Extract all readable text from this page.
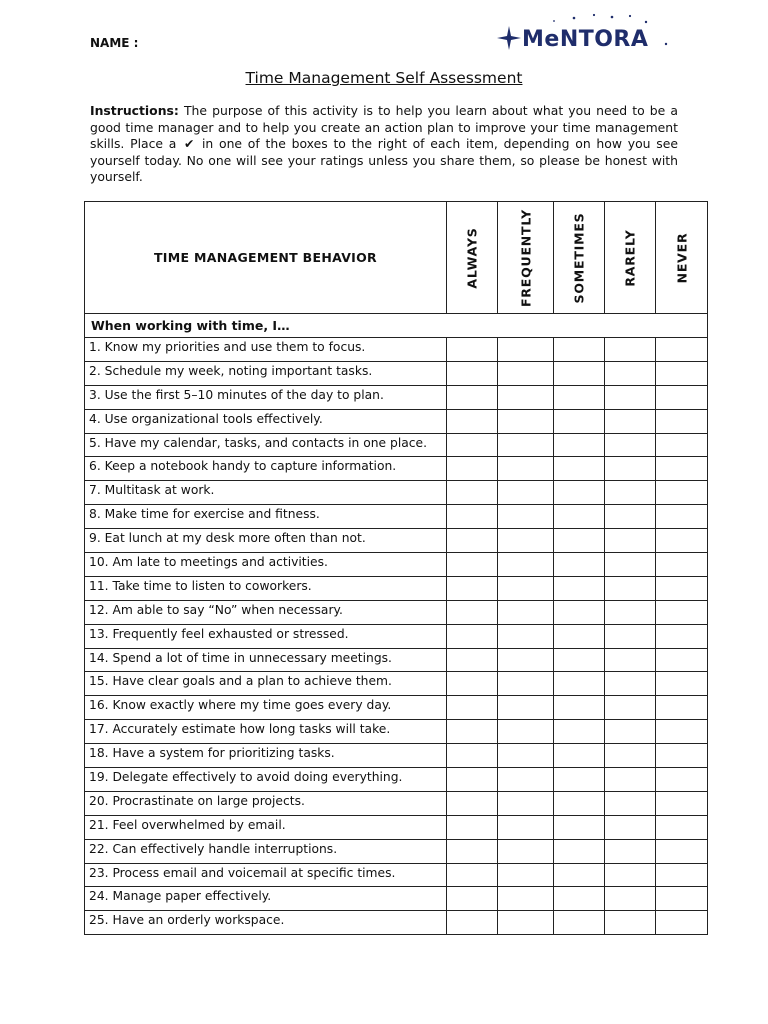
NAME :	MeNTORA
Time Management Self Assessment
Instructions: The purpose of this activity is to help you learn about what you need to be a good time manager and to help you create an action plan to improve your time management skills. Place a ✔ in one of the boxes to the right of each item, depending on how you see yourself today. No one will see your ratings unless you share them, so please be honest with yourself.
TIME MANAGEMENT BEHAVIOR	ALWAYS	FREQUENTLY	SOMETIMES	RARELY	NEVER

When working with time, I…					
1. Know my priorities and use them to focus.					
2. Schedule my week, noting important tasks.					
3. Use the first 5–10 minutes of the day to plan.					
4. Use organizational tools effectively.					
5. Have my calendar, tasks, and contacts in one place.					
6. Keep a notebook handy to capture information.					
7. Multitask at work.					
8. Make time for exercise and fitness.					
9. Eat lunch at my desk more often than not.					
10. Am late to meetings and activities.					
11. Take time to listen to coworkers.					
12. Am able to say “No” when necessary.					
13. Frequently feel exhausted or stressed.					
14. Spend a lot of time in unnecessary meetings.					
15. Have clear goals and a plan to achieve them.					
16. Know exactly where my time goes every day.					
17. Accurately estimate how long tasks will take.					
18. Have a system for prioritizing tasks.					
19. Delegate effectively to avoid doing everything.					
20. Procrastinate on large projects.					
21. Feel overwhelmed by email.					
22. Can effectively handle interruptions.					
23. Process email and voicemail at specific times.					
24. Manage paper effectively.					
25. Have an orderly workspace.					
